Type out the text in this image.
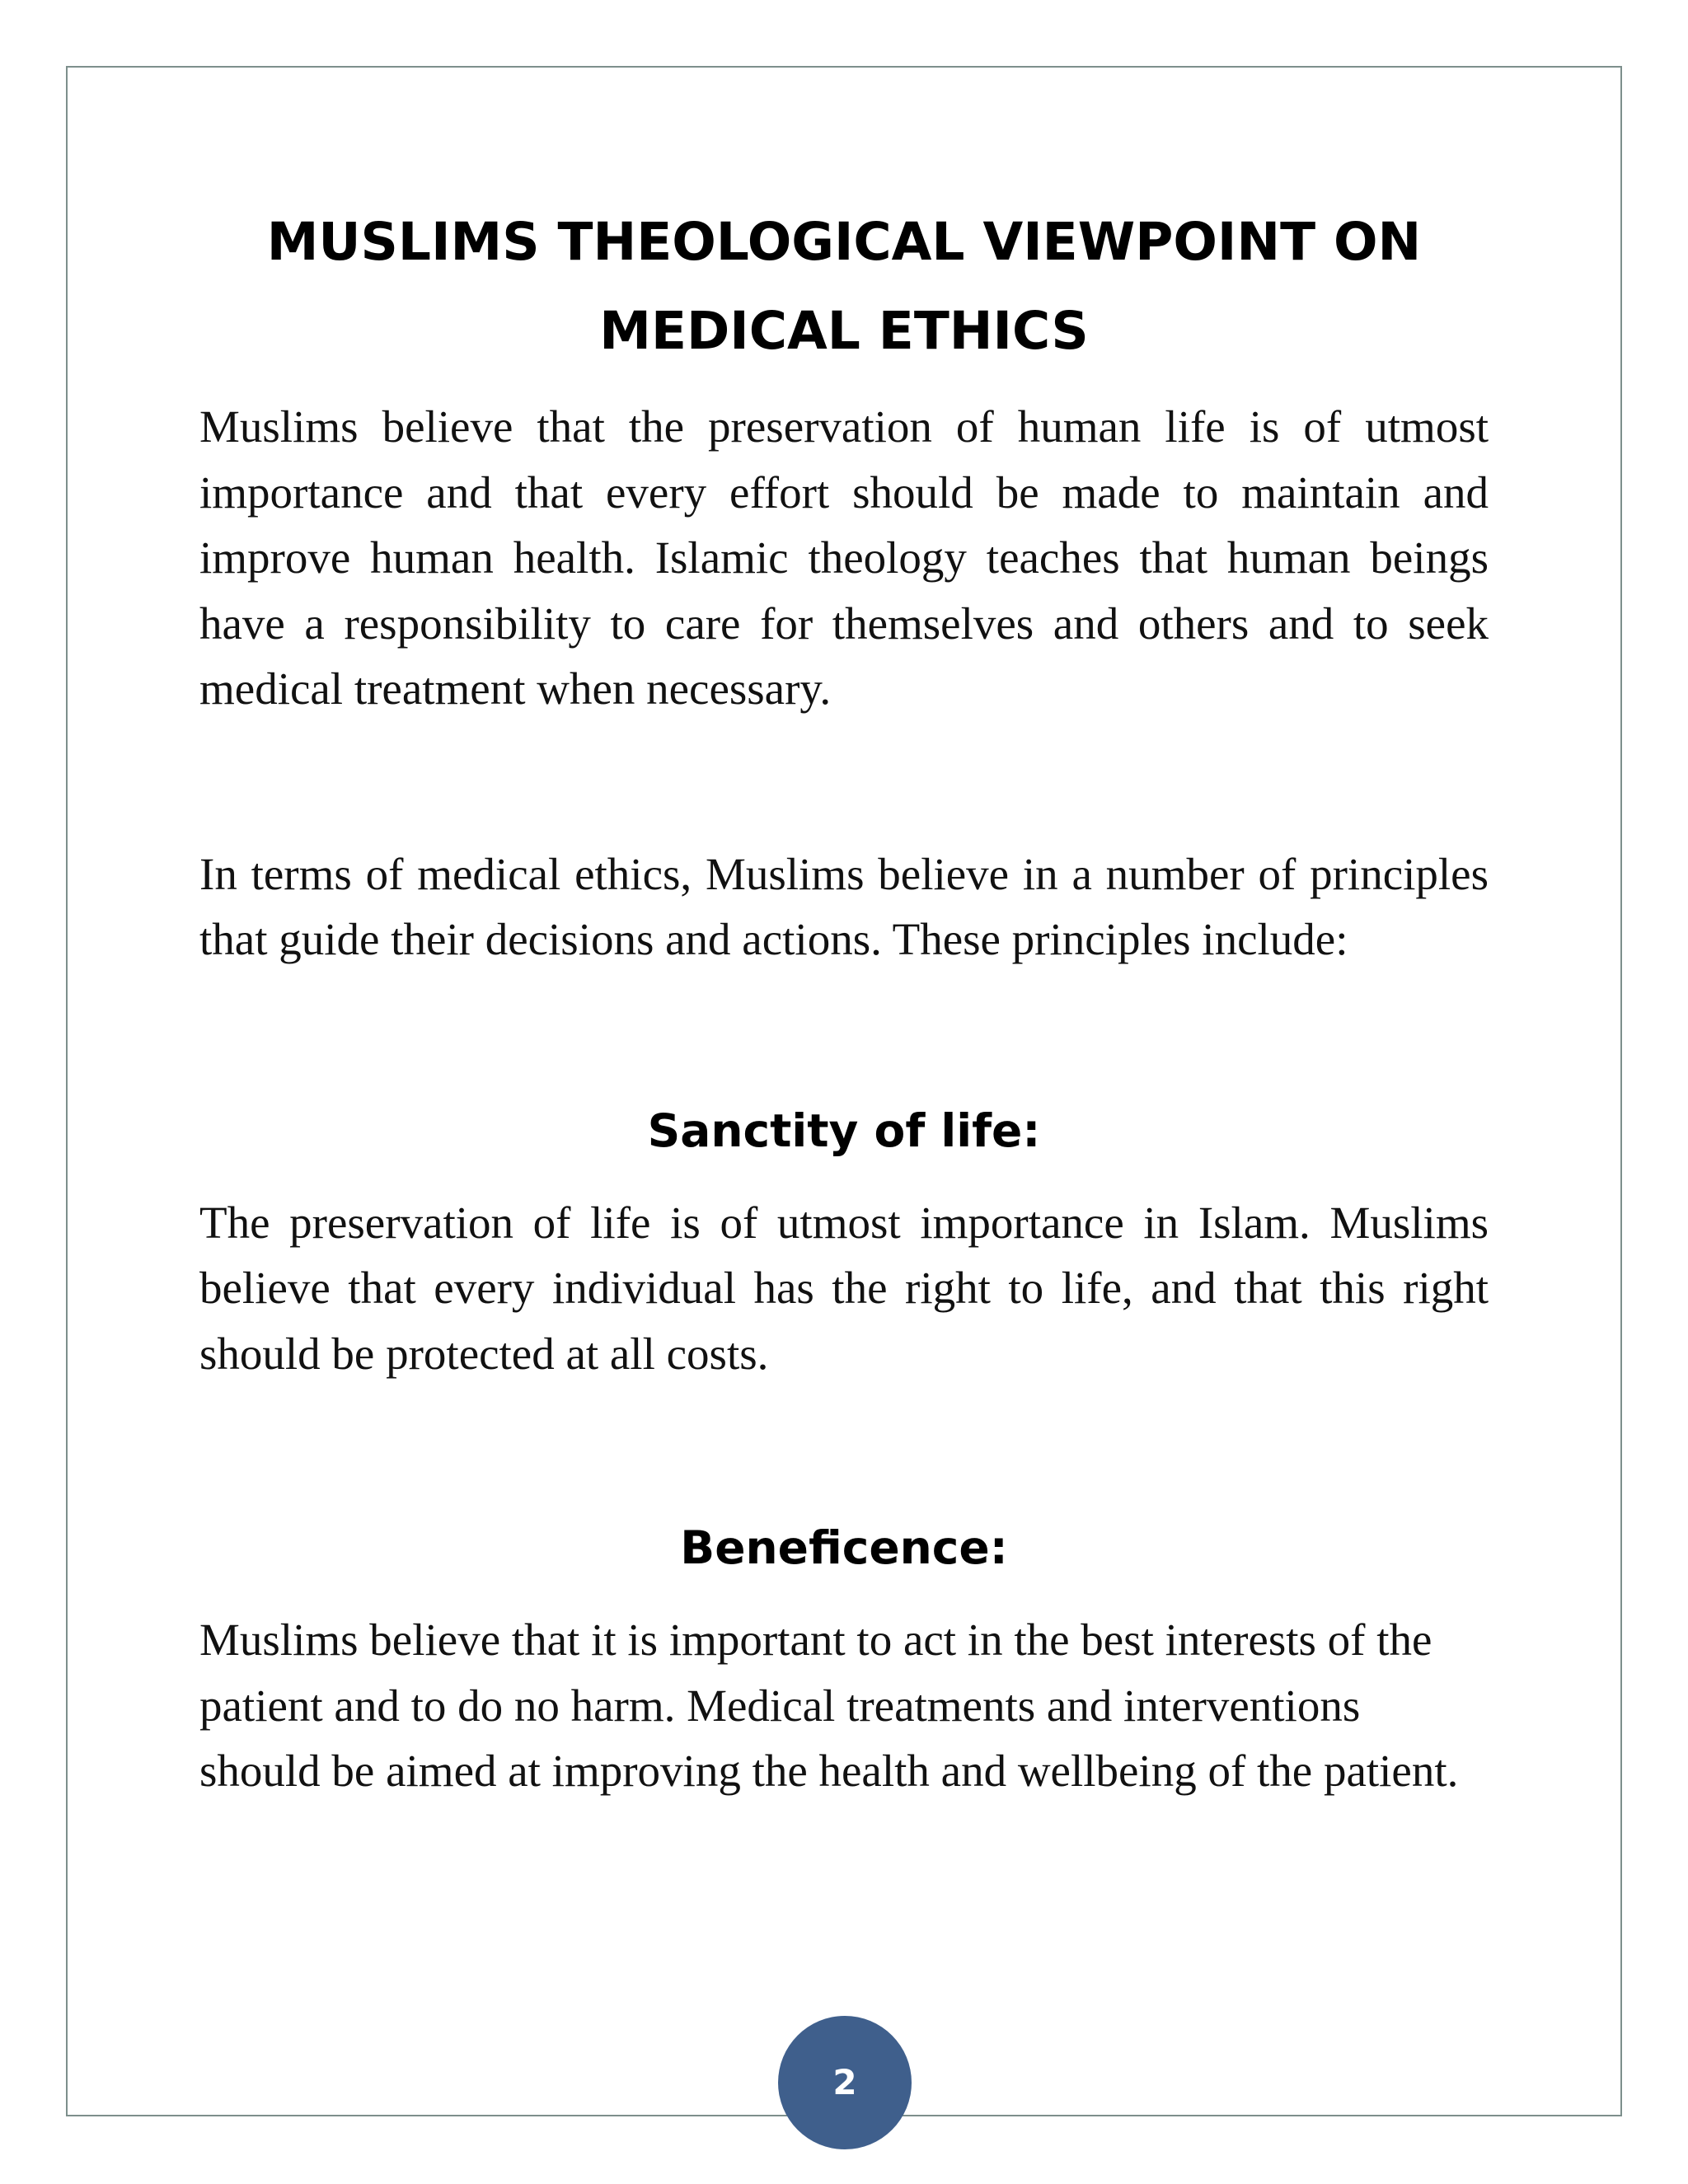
MUSLIMS THEOLOGICAL VIEWPOINT ON MEDICAL ETHICS

Muslims believe that the preservation of human life is of utmost importance and that every effort should be made to maintain and improve human health. Islamic theology teaches that human beings have a responsibility to care for themselves and others and to seek medical treatment when necessary.

In terms of medical ethics, Muslims believe in a number of principles that guide their decisions and actions. These principles include:

Sanctity of life:

The preservation of life is of utmost importance in Islam. Muslims believe that every individual has the right to life, and that this right should be protected at all costs.

Beneficence:

Muslims believe that it is important to act in the best interests of the patient and to do no harm. Medical treatments and interventions should be aimed at improving the health and wellbeing of the patient.

2
